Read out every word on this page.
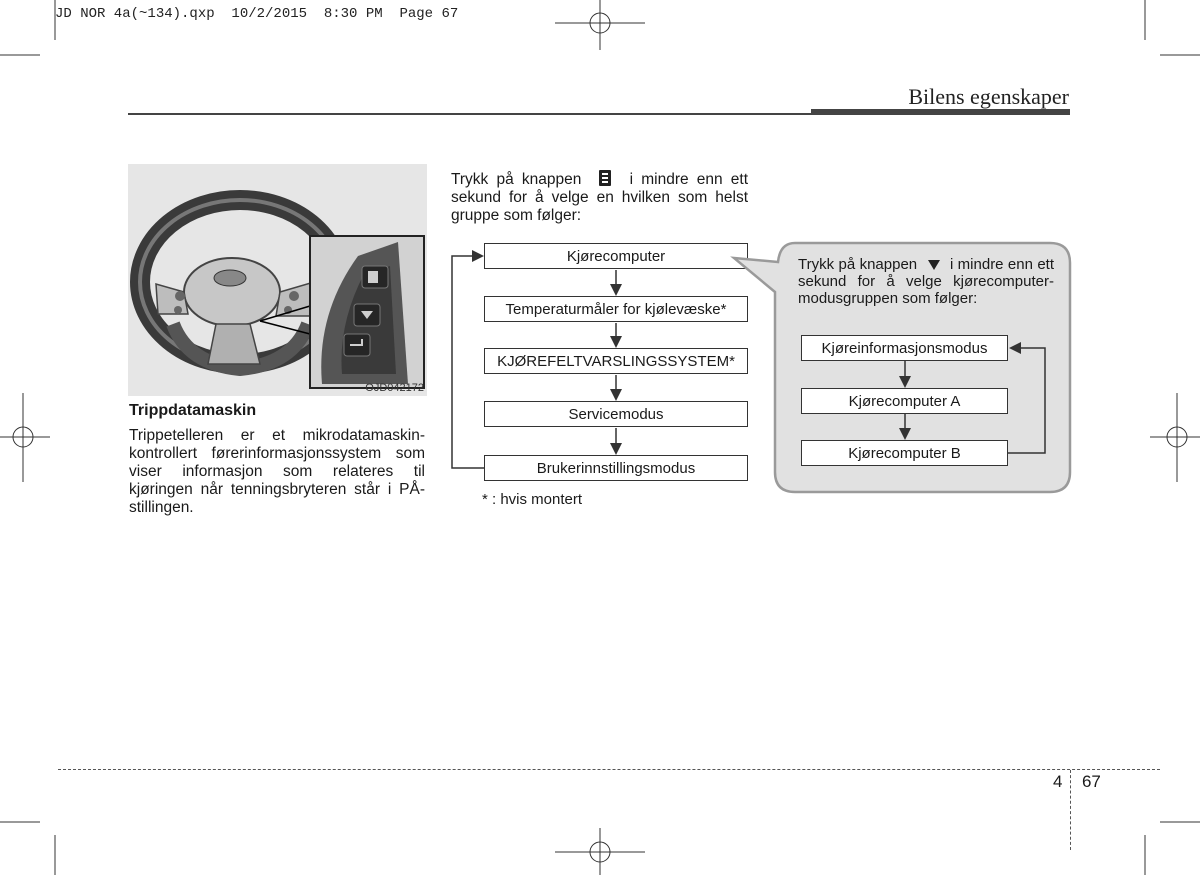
JD NOR 4a(~134).qxp  10/2/2015  8:30 PM  Page 67
Bilens egenskaper
OJD042172
Trippdatamaskin
Trippetelleren er et mikrodatamaskin-kontrollert førerinformasjonssystem som viser informasjon som relateres til kjøringen når tenningsbryteren står i PÅ-stillingen.
Trykk på knappen	i mindre enn ett sekund for å velge en hvilken som helst gruppe som følger:
Kjørecomputer
Temperaturmåler for kjølevæske*
KJØREFELTVARSLINGSSYSTEM*
Servicemodus
Brukerinnstillingsmodus
Trykk på knappen i mindre enn ett sekund for å velge kjørecomputer-modusgruppen som følger:
Kjøreinformasjonsmodus
Kjørecomputer A
Kjørecomputer B
* : hvis montert
4 67
